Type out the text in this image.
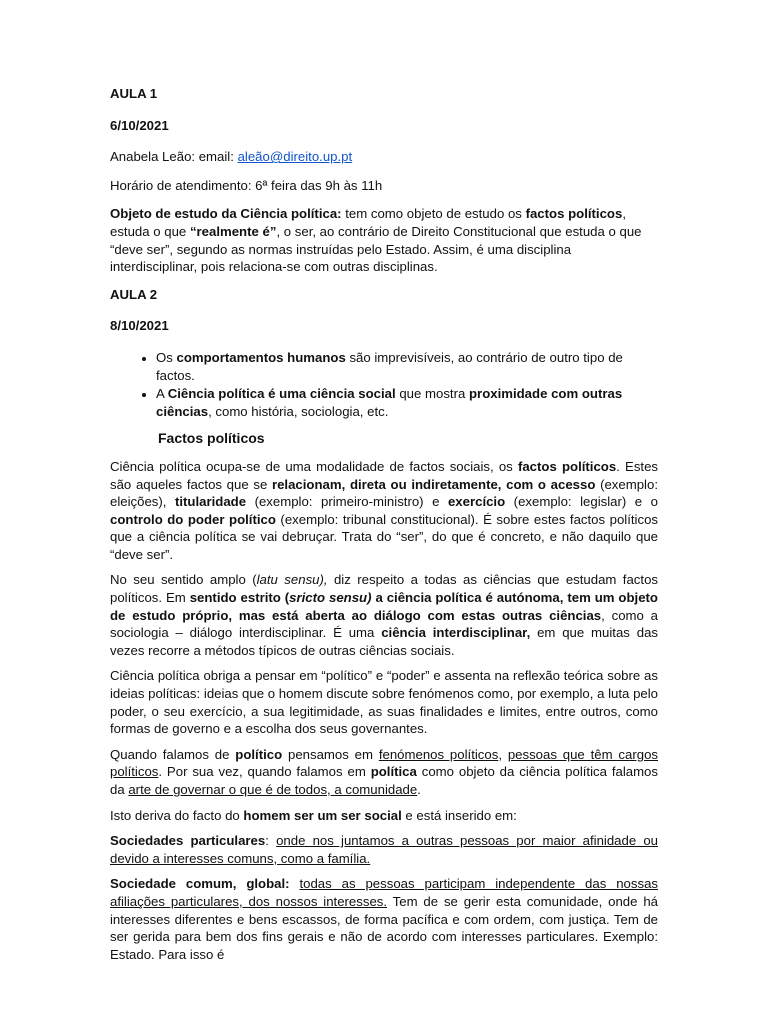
AULA 1

6/10/2021

Anabela Leão: email: aleão@direito.up.pt

Horário de atendimento: 6ª feira das 9h às 11h

Objeto de estudo da Ciência política: tem como objeto de estudo os factos políticos, estuda o que “realmente é”, o ser, ao contrário de Direito Constitucional que estuda o que “deve ser”, segundo as normas instruídas pelo Estado. Assim, é uma disciplina interdisciplinar, pois relaciona-se com outras disciplinas.

AULA 2

8/10/2021

• Os comportamentos humanos são imprevisíveis, ao contrário de outro tipo de factos.
• A Ciência política é uma ciência social que mostra proximidade com outras ciências, como história, sociologia, etc.

Factos políticos

Ciência política ocupa-se de uma modalidade de factos sociais, os factos políticos. Estes são aqueles factos que se relacionam, direta ou indiretamente, com o acesso (exemplo: eleições), titularidade (exemplo: primeiro-ministro) e exercício (exemplo: legislar) e o controlo do poder político (exemplo: tribunal constitucional). É sobre estes factos políticos que a ciência política se vai debruçar. Trata do “ser”, do que é concreto, e não daquilo que “deve ser”.

No seu sentido amplo (latu sensu), diz respeito a todas as ciências que estudam factos políticos. Em sentido estrito (sricto sensu) a ciência política é autónoma, tem um objeto de estudo próprio, mas está aberta ao diálogo com estas outras ciências, como a sociologia – diálogo interdisciplinar. É uma ciência interdisciplinar, em que muitas das vezes recorre a métodos típicos de outras ciências sociais.

Ciência política obriga a pensar em “político” e “poder” e assenta na reflexão teórica sobre as ideias políticas: ideias que o homem discute sobre fenómenos como, por exemplo, a luta pelo poder, o seu exercício, a sua legitimidade, as suas finalidades e limites, entre outros, como formas de governo e a escolha dos seus governantes.

Quando falamos de político pensamos em fenómenos políticos, pessoas que têm cargos políticos. Por sua vez, quando falamos em política como objeto da ciência política falamos da arte de governar o que é de todos, a comunidade.

Isto deriva do facto do homem ser um ser social e está inserido em:

Sociedades particulares: onde nos juntamos a outras pessoas por maior afinidade ou devido a interesses comuns, como a família.

Sociedade comum, global: todas as pessoas participam independente das nossas afiliações particulares, dos nossos interesses. Tem de se gerir esta comunidade, onde há interesses diferentes e bens escassos, de forma pacífica e com ordem, com justiça. Tem de ser gerida para bem dos fins gerais e não de acordo com interesses particulares. Exemplo: Estado. Para isso é
